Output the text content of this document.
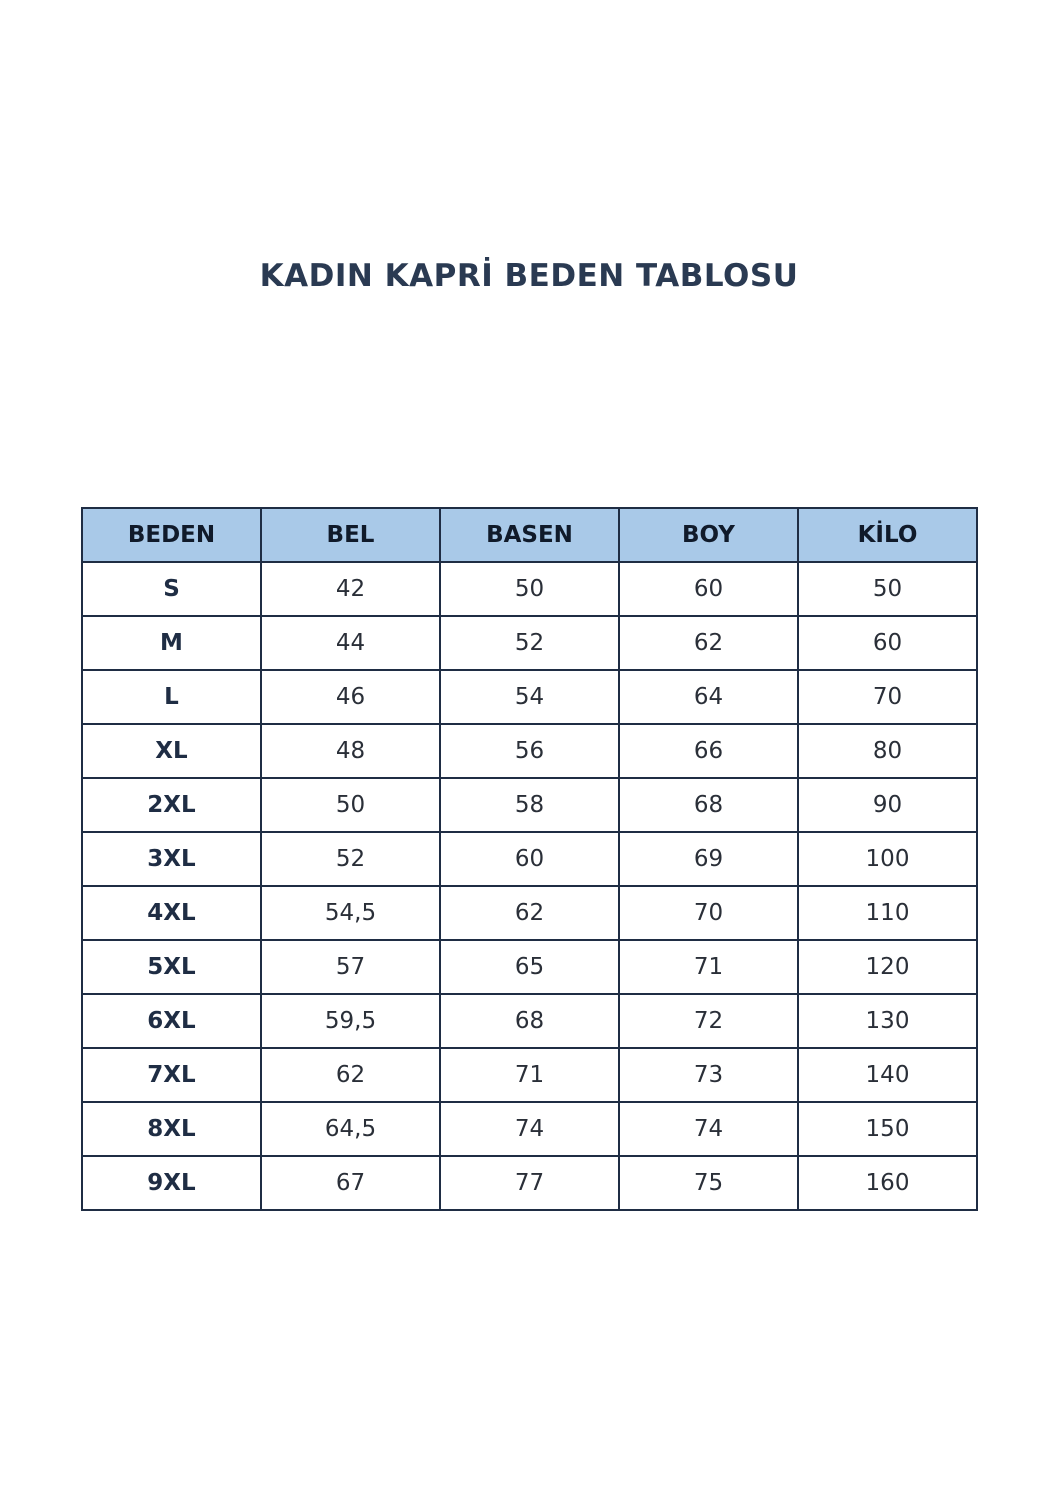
KADIN KAPRİ BEDEN TABLOSU
BEDEN	BEL	BASEN	BOY	KİLO
S	42	50	60	50
M	44	52	62	60
L	46	54	64	70
XL	48	56	66	80
2XL	50	58	68	90
3XL	52	60	69	100
4XL	54,5	62	70	110
5XL	57	65	71	120
6XL	59,5	68	72	130
7XL	62	71	73	140
8XL	64,5	74	74	150
9XL	67	77	75	160
